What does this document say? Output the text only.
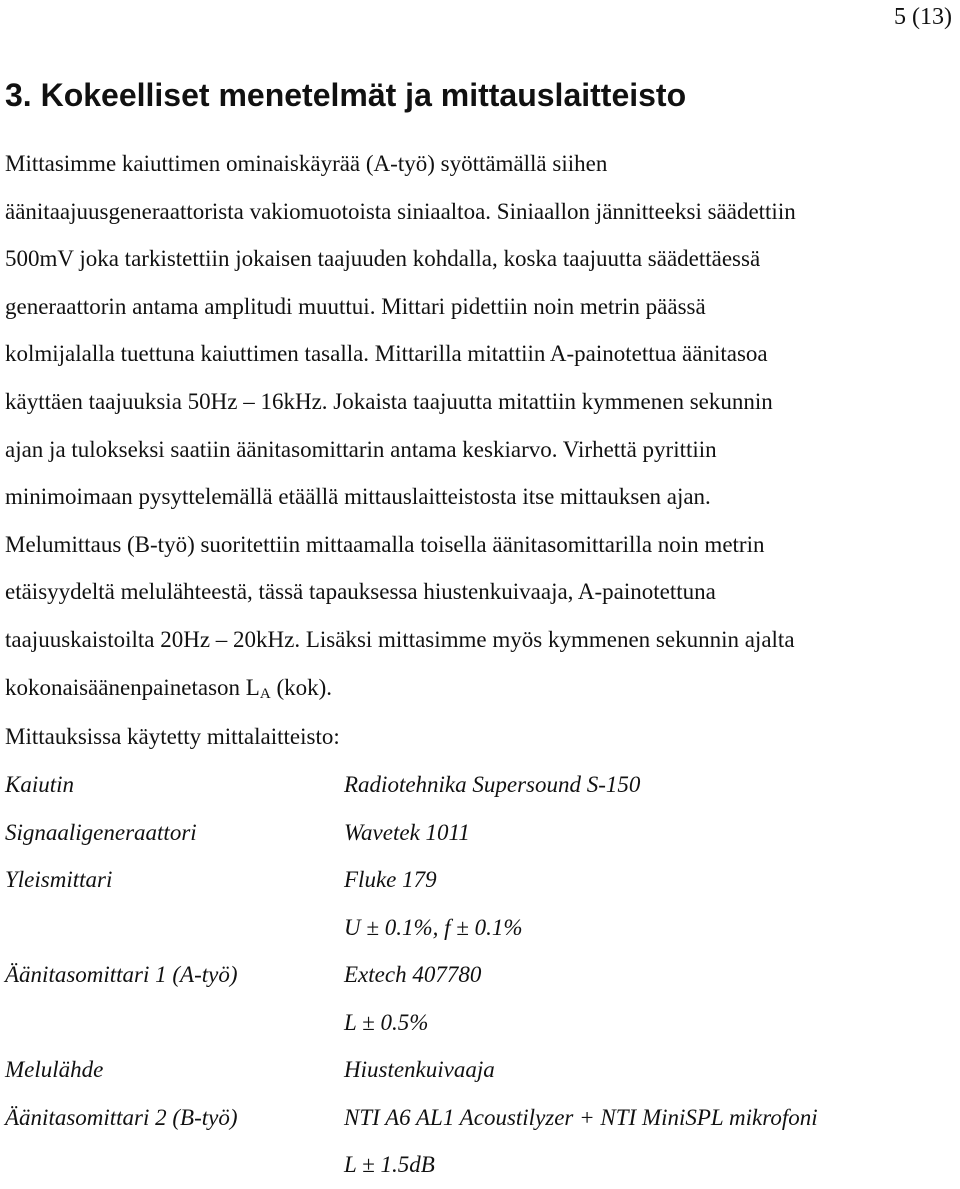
5 (13)
3. Kokeelliset menetelmät ja mittauslaitteisto
Mittasimme kaiuttimen ominaiskäyrää (A-työ) syöttämällä siihen
äänitaajuusgeneraattorista vakiomuotoista siniaaltoa. Siniaallon jännitteeksi säädettiin
500mV joka tarkistettiin jokaisen taajuuden kohdalla, koska taajuutta säädettäessä
generaattorin antama amplitudi muuttui. Mittari pidettiin noin metrin päässä
kolmijalalla tuettuna kaiuttimen tasalla. Mittarilla mitattiin A-painotettua äänitasoa
käyttäen taajuuksia 50Hz – 16kHz. Jokaista taajuutta mitattiin kymmenen sekunnin
ajan ja tulokseksi saatiin äänitasomittarin antama keskiarvo. Virhettä pyrittiin
minimoimaan pysyttelemällä etäällä mittauslaitteistosta itse mittauksen ajan.
Melumittaus (B-työ) suoritettiin mittaamalla toisella äänitasomittarilla noin metrin
etäisyydeltä melulähteestä, tässä tapauksessa hiustenkuivaaja, A-painotettuna
taajuuskaistoilta 20Hz – 20kHz. Lisäksi mittasimme myös kymmenen sekunnin ajalta
kokonaisäänenpainetason $L_A$ (kok).
Mittauksissa käytetty mittalaitteisto:
Kaiutin	Radiotehnika Supersound S-150
Signaaligeneraattori	Wavetek 1011
Yleismittari	Fluke 179
U ± 0.1%, f ± 0.1%
Äänitasomittari 1 (A-työ)	Extech 407780
L ± 0.5%
Melulähde	Hiustenkuivaaja
Äänitasomittari 2 (B-työ)	NTI A6 AL1 Acoustilyzer + NTI MiniSPL mikrofoni
L ± 1.5dB
